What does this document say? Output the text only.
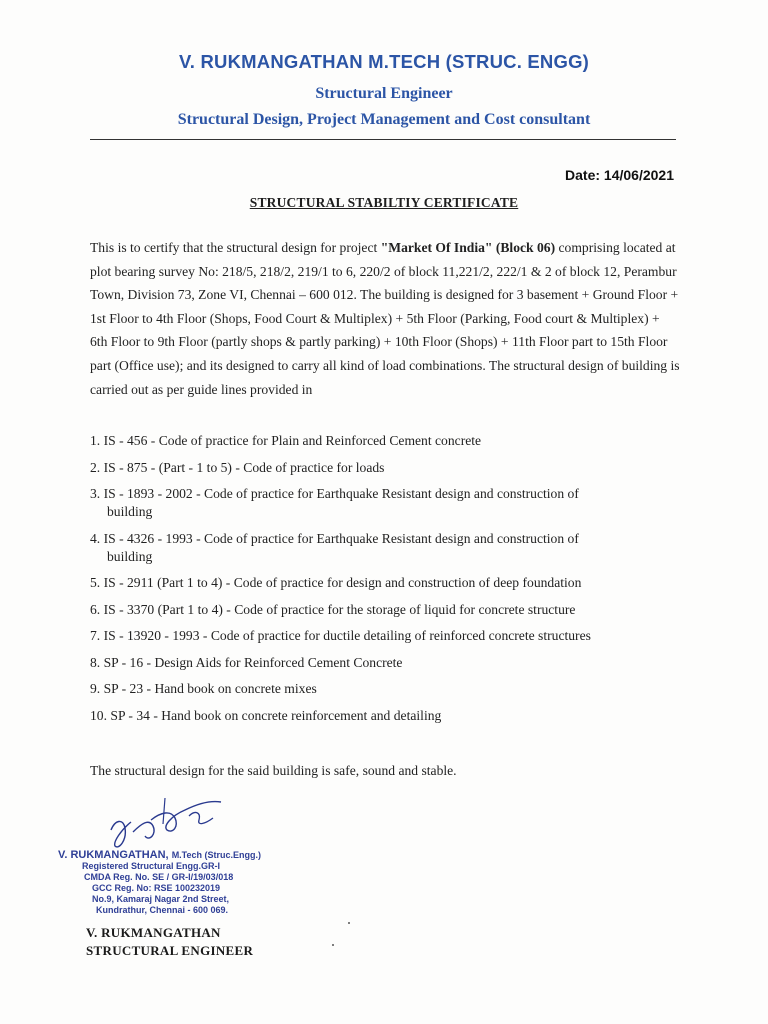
V. RUKMANGATHAN M.TECH (STRUC. ENGG)
Structural Engineer
Structural Design, Project Management and Cost consultant
Date: 14/06/2021
STRUCTURAL STABILTIY CERTIFICATE
This is to certify that the structural design for project "Market Of India" (Block 06) comprising located at plot bearing survey No: 218/5, 218/2, 219/1 to 6, 220/2 of block 11,221/2, 222/1 & 2 of block 12, Perambur Town, Division 73, Zone VI, Chennai – 600 012. The building is designed for 3 basement + Ground Floor + 1st Floor to 4th Floor (Shops, Food Court & Multiplex) + 5th Floor (Parking, Food court & Multiplex) + 6th Floor to 9th Floor (partly shops & partly parking) + 10th Floor (Shops) + 11th Floor part to 15th Floor part (Office use); and its designed to carry all kind of load combinations. The structural design of building is carried out as per guide lines provided in
1. IS - 456 - Code of practice for Plain and Reinforced Cement concrete
2. IS - 875 - (Part - 1 to 5) - Code of practice for loads
3. IS - 1893 - 2002 - Code of practice for Earthquake Resistant design and construction of
building
4. IS - 4326 - 1993 - Code of practice for Earthquake Resistant design and construction of
building
5. IS - 2911 (Part 1 to 4) - Code of practice for design and construction of deep foundation
6. IS - 3370 (Part 1 to 4) - Code of practice for the storage of liquid for concrete structure
7. IS - 13920 - 1993 - Code of practice for ductile detailing of reinforced concrete structures
8. SP - 16 - Design Aids for Reinforced Cement Concrete
9. SP - 23 - Hand book on concrete mixes
10. SP - 34 - Hand book on concrete reinforcement and detailing
The structural design for the said building is safe, sound and stable.
V. RUKMANGATHAN, M.Tech (Struc.Engg.)
Registered Structural Engg.GR-I
CMDA Reg. No. SE / GR-I/19/03/018
GCC Reg. No: RSE 100232019
No.9, Kamaraj Nagar 2nd Street,
Kundrathur, Chennai - 600 069.
V. RUKMANGATHAN
STRUCTURAL ENGINEER
